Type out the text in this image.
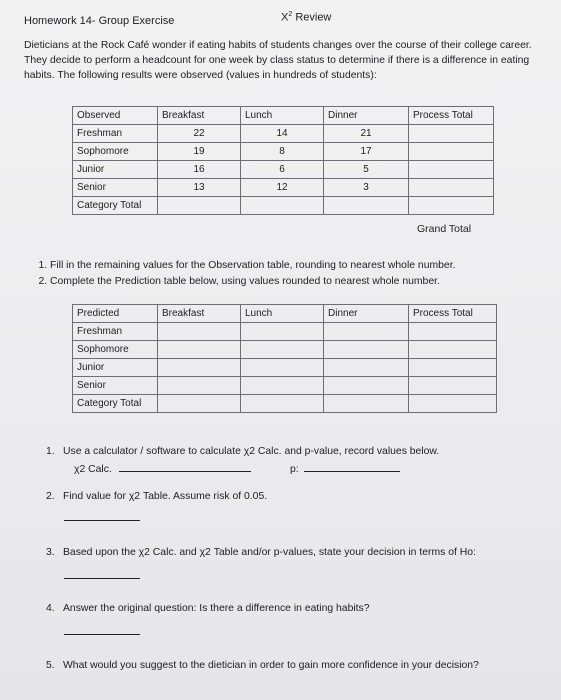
Homework 14- Group Exercise	$X^2$ Review
Dieticians at the Rock Café wonder if eating habits of students changes over the course of their college career. They decide to perform a headcount for one week by class status to determine if there is a difference in eating habits. The following results were observed (values in hundreds of students):
Observed	Breakfast	Lunch	Dinner	Process Total
Freshman	22	14	21	
Sophomore	19	8	17	
Junior	16	6	5	
Senior	13	12	3	
Category Total				
Grand Total
1. Fill in the remaining values for the Observation table, rounding to nearest whole number.
2. Complete the Prediction table below, using values rounded to nearest whole number.
Predicted	Breakfast	Lunch	Dinner	Process Total
Freshman				
Sophomore				
Junior				
Senior				
Category Total				
1. Use a calculator / software to calculate χ2 Calc. and p-value, record values below.
χ2 Calc.	p:
2. Find value for χ2 Table. Assume risk of 0.05.
3. Based upon the χ2 Calc. and χ2 Table and/or p-values, state your decision in terms of Ho:
4. Answer the original question: Is there a difference in eating habits?
5. What would you suggest to the dietician in order to gain more confidence in your decision?
